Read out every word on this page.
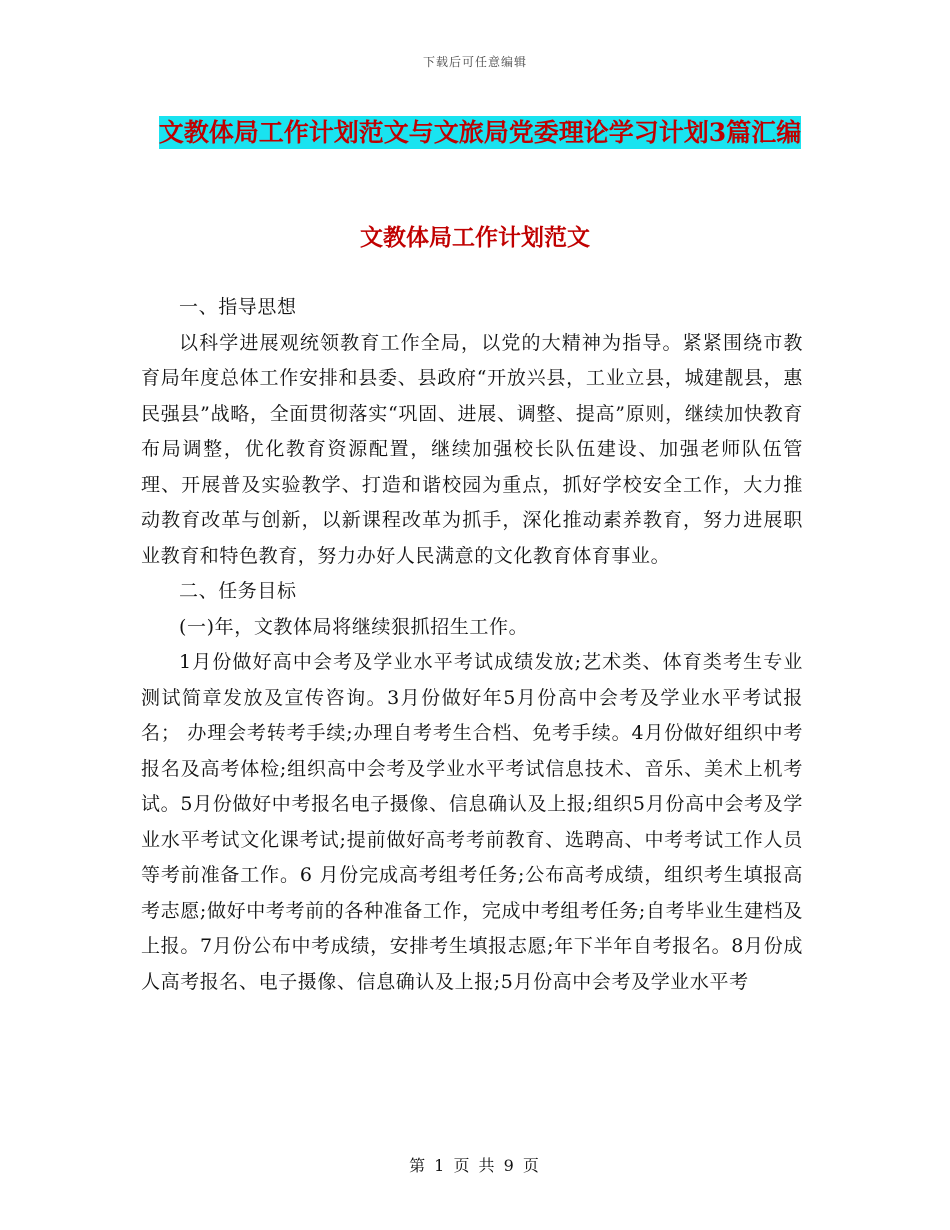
下载后可任意编辑
文教体局工作计划范文与文旅局党委理论学习计划3篇汇编
文教体局工作计划范文

一、指导思想

以科学进展观统领教育工作全局，以党的大精神为指导。紧紧围绕市教育局年度总体工作安排和县委、县政府“开放兴县，工业立县，城建靓县，惠民强县”战略，全面贯彻落实“巩固、进展、调整、提高”原则，继续加快教育布局调整，优化教育资源配置，继续加强校长队伍建设、加强老师队伍管理、开展普及实验教学、打造和谐校园为重点，抓好学校安全工作，大力推动教育改革与创新，以新课程改革为抓手，深化推动素养教育，努力进展职业教育和特色教育，努力办好人民满意的文化教育体育事业。

二、任务目标

(一)年，文教体局将继续狠抓招生工作。

1月份做好高中会考及学业水平考试成绩发放;艺术类、体育类考生专业测试简章发放及宣传咨询。3月份做好年5月份高中会考及学业水平考试报名； 办理会考转考手续;办理自考考生合档、免考手续。4月份做好组织中考报名及高考体检;组织高中会考及学业水平考试信息技术、音乐、美术上机考试。5月份做好中考报名电子摄像、信息确认及上报;组织5月份高中会考及学业水平考试文化课考试;提前做好高考考前教育、选聘高、中考考试工作人员等考前准备工作。6 月份完成高考组考任务;公布高考成绩，组织考生填报高考志愿;做好中考考前的各种准备工作，完成中考组考任务;自考毕业生建档及上报。7月份公布中考成绩，安排考生填报志愿;年下半年自考报名。8月份成人高考报名、电子摄像、信息确认及上报;5月份高中会考及学业水平考

第 1 页 共 9 页
